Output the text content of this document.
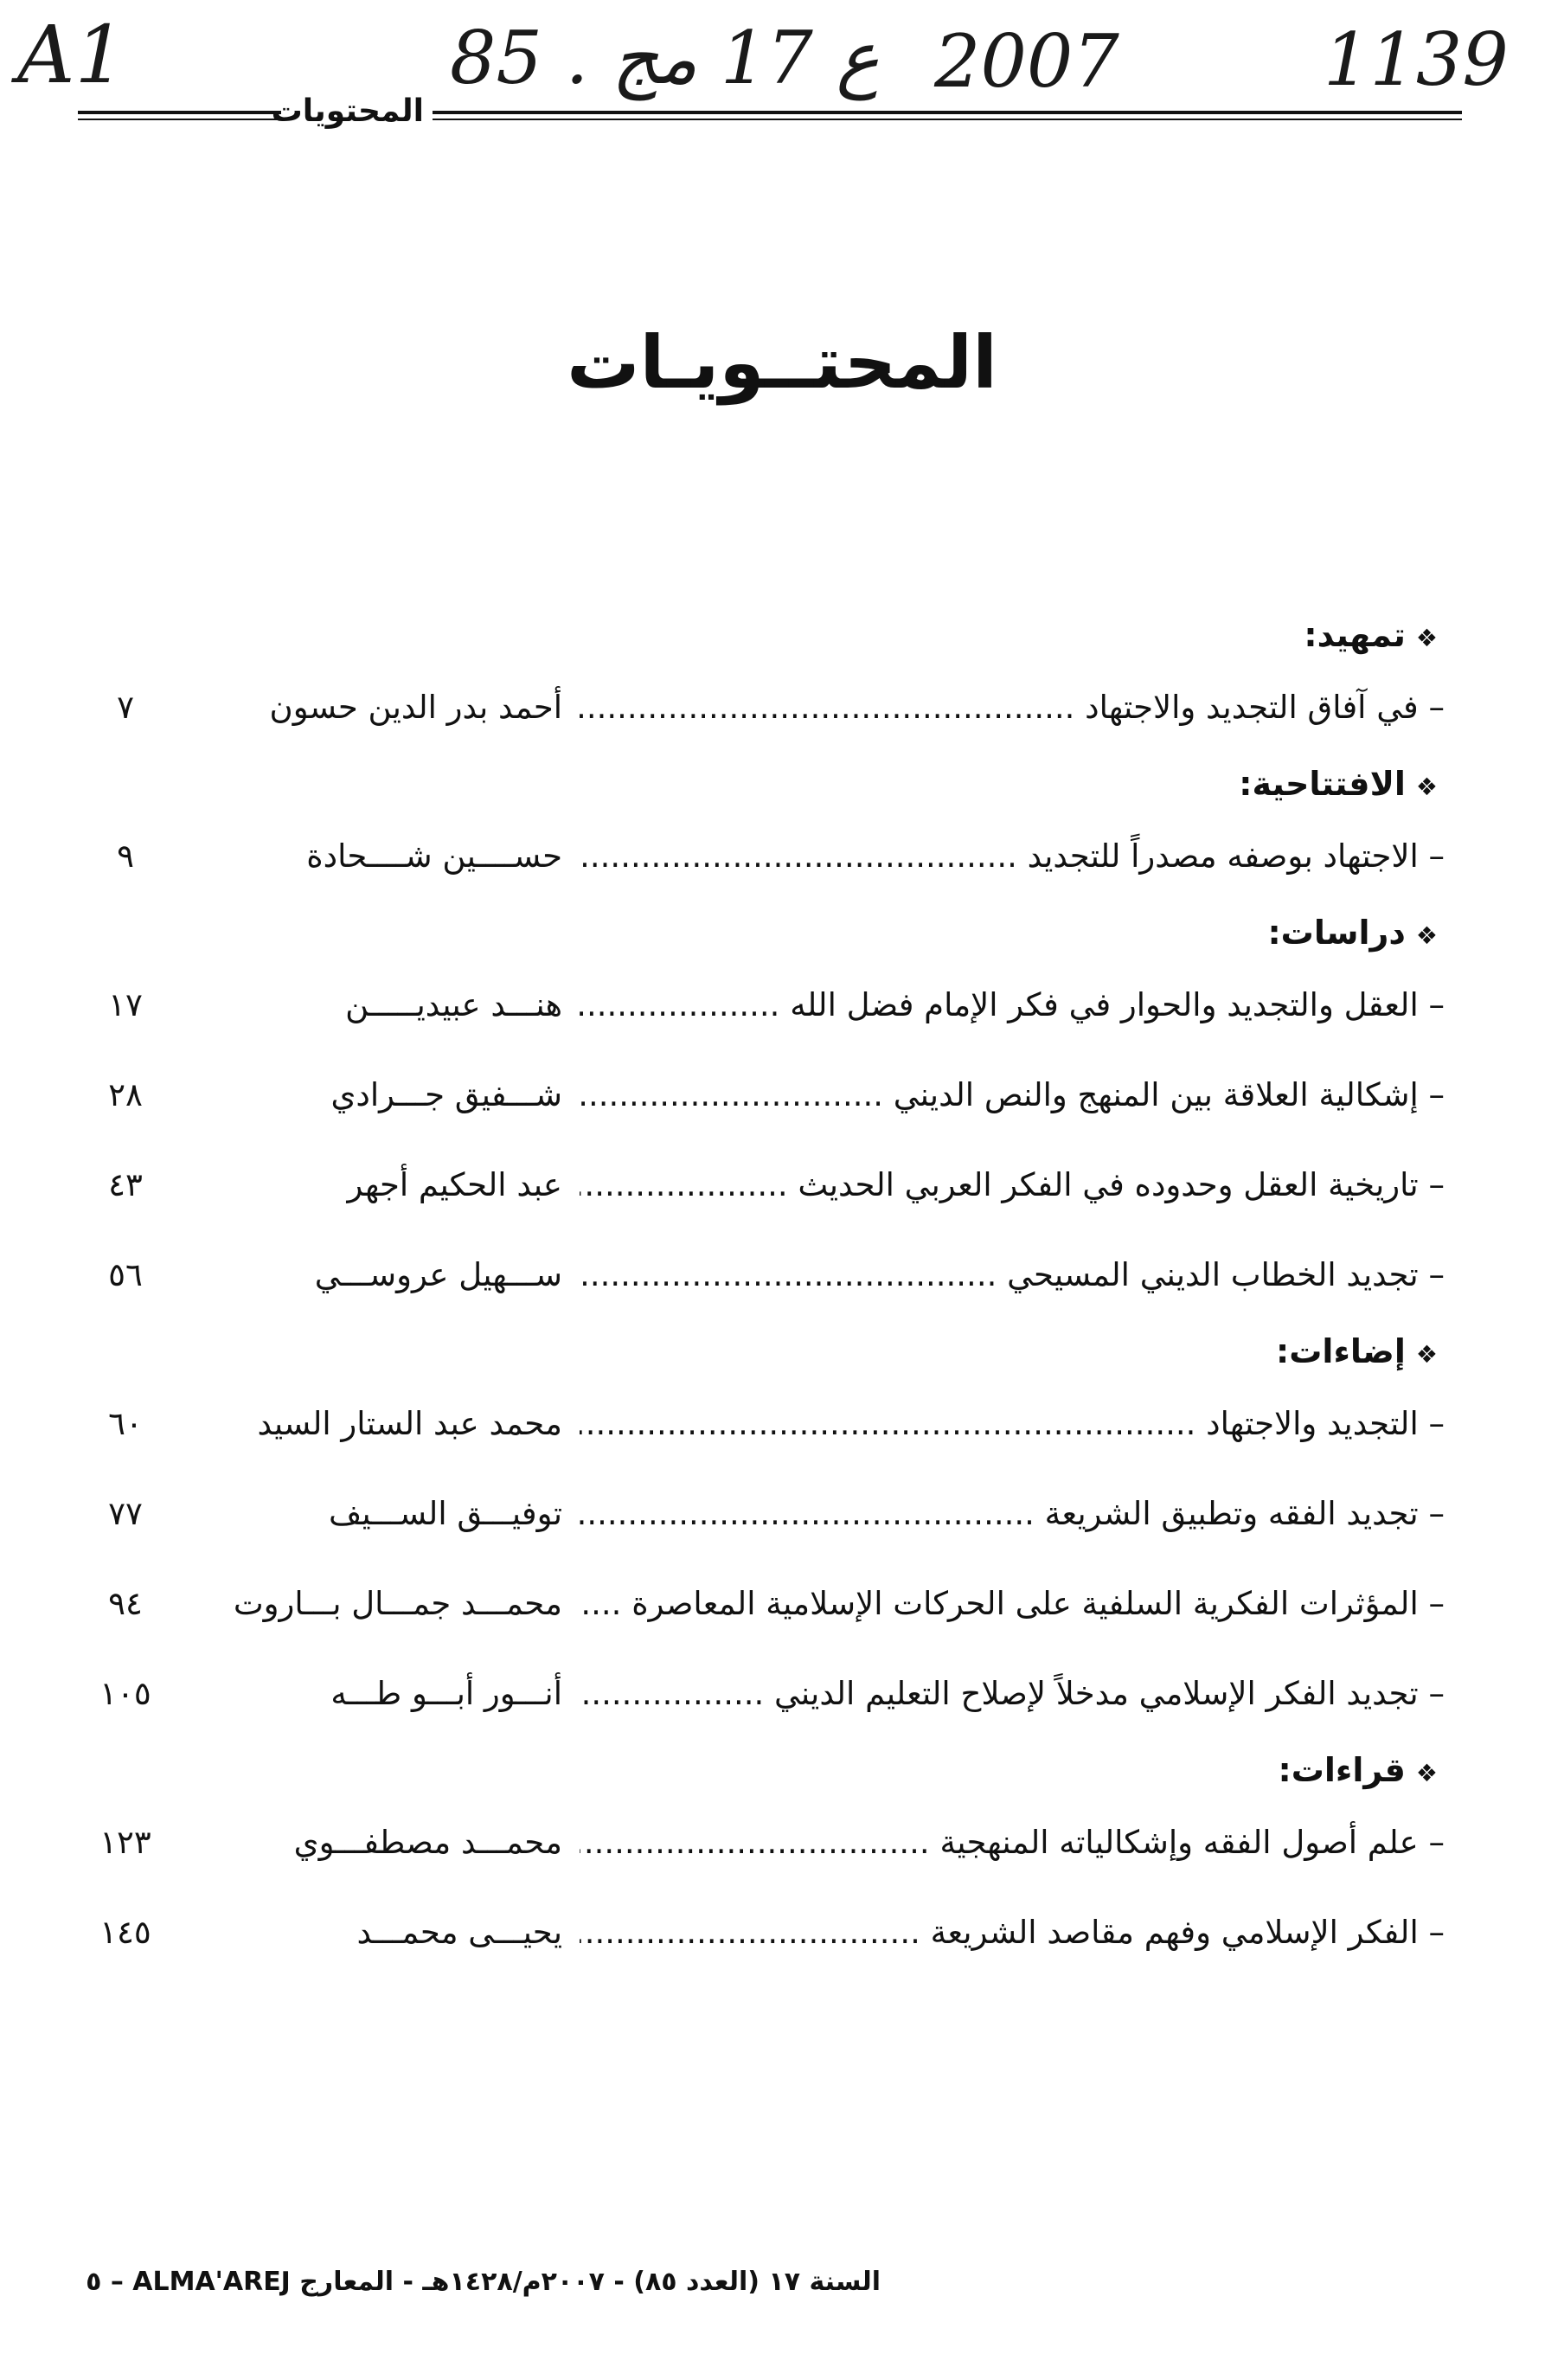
A1	85 . ع 17 مج 2007	1139
المحتويات
المحتــويـات
❖تمهيد:
– في آفاق التجديد والاجتهاد .....
أحمد بدر الدين حسون
٧
❖الافتتاحية:
– الاجتهاد بوصفه مصدراً للتجديد .....
حســــين شــــحادة
٩
❖دراسات:
– العقل والتجديد والحوار في فكر الإمام فضل الله .....
هنـــد عبيديـــــن
١٧
– إشكالية العلاقة بين المنهج والنص الديني .....
شـــفيق جـــرادي
٢٨
– تاريخية العقل وحدوده في الفكر العربي الحديث .....
عبد الحكيم أجهر
٤٣
– تجديد الخطاب الديني المسيحي .....
ســـهيل عروســـي
٥٦
❖إضاءات:
– التجديد والاجتهاد .....
محمد عبد الستار السيد
٦٠
– تجديد الفقه وتطبيق الشريعة .....
توفيـــق الســـيف
٧٧
– المؤثرات الفكرية السلفية على الحركات الإسلامية المعاصرة .....
محمـــد جمـــال بـــاروت
٩٤
– تجديد الفكر الإسلامي مدخلاً لإصلاح التعليم الديني .....
أنـــور أبـــو طـــه
١٠٥
❖قراءات:
– علم أصول الفقه وإشكالياته المنهجية .....
محمـــد مصطفـــوي
١٢٣
– الفكر الإسلامي وفهم مقاصد الشريعة .....
يحيـــى محمـــد
١٤٥
السنة ١٧ (العدد ٨٥) - ٢٠٠٧م/١٤٢٨هـ - المعارج ALMA'AREJ – ٥
